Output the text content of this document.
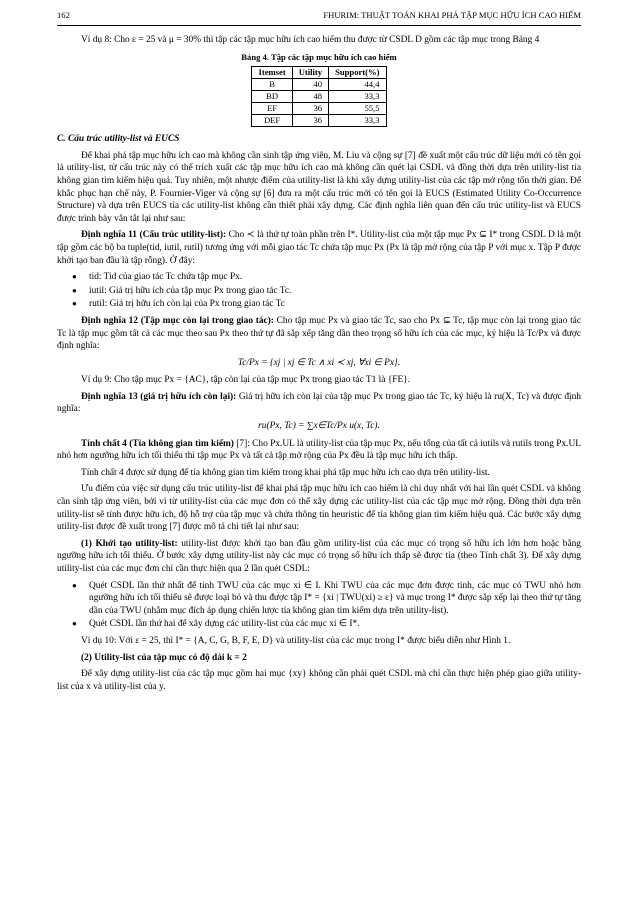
162	FHURIM: THUẬT TOÁN KHAI PHÁ TẬP MỤC HỮU ÍCH CAO HIẾM

Ví dụ 8: Cho ε = 25 và μ = 30% thì tập các tập mục hữu ích cao hiếm thu được từ CSDL D gồm các tập mục trong Bảng 4

Bảng 4. Tập các tập mục hữu ích cao hiếm
Itemset	Utility	Support(%)
B	40	44,4
BD	48	33,3
EF	36	55,5
DEF	36	33,3
C. Cấu trúc utility-list và EUCS

Để khai phá tập mục hữu ích cao mà không cần sinh tập ứng viên, M. Liu và cộng sự [7] đề xuất một cấu trúc dữ liệu mới có tên gọi là utility-list, từ cấu trúc này có thể trích xuất các tập mục hữu ích cao mà không cần quét lại CSDL và đồng thời dựa trên utility-list tỉa không gian tìm kiếm hiệu quả. Tuy nhiên, một nhược điểm của utility-list là khi xây dựng utility-list của các tập mở rộng tốn thời gian. Để khắc phục hạn chế này, P. Fournier-Viger và cộng sự [6] đưa ra một cấu trúc mới có tên gọi là EUCS (Estimated Utility Co-Occurrence Structure) và dựa trên EUCS tỉa các utility-list không cần thiết phải xây dựng. Các định nghĩa liên quan đến cấu trúc utility-list và EUCS được trình bày vắn tắt lại như sau:

Định nghĩa 11 (Cấu trúc utility-list): Cho ≺ là thứ tự toàn phần trên I*. Utility-list của một tập mục Px ⊆ I* trong CSDL D là một tập gồm các bộ ba tuple(tid, iutil, rutil) tương ứng với mỗi giao tác Tc chứa tập mục Px (Px là tập mở rộng của tập P với mục x. Tập P được khởi tạo ban đầu là tập rỗng). Ở đây:

● tid: Tid của giao tác Tc chứa tập mục Px.
● iutil: Giá trị hữu ích của tập mục Px trong giao tác Tc.
● rutil: Giá trị hữu ích còn lại của Px trong giao tác Tc

Định nghĩa 12 (Tập mục còn lại trong giao tác): Cho tập mục Px và giao tác Tc, sao cho Px ⊆ Tc, tập mục còn lại trong giao tác Tc là tập mục gồm tất cả các mục theo sau Px theo thứ tự đã sắp xếp tăng dần theo trọng số hữu ích của các mục, ký hiệu là Tc/Px và được định nghĩa:

Tc/Px = {xj | xj ∈ Tc ∧ xi ≺ xj, ∀xi ∈ Px}.

Ví dụ 9: Cho tập mục Px = {AC}, tập còn lại của tập mục Px trong giao tác T1 là {FE}.

Định nghĩa 13 (giá trị hữu ích còn lại): Giá trị hữu ích còn lại của tập mục Px trong giao tác Tc, ký hiệu là ru(X, Tc) và được định nghĩa:

ru(Px, Tc) = ∑x∈Tc/Px u(x, Tc).

Tính chất 4 (Tỉa không gian tìm kiếm) [7]: Cho Px.UL là utility-list của tập mục Px, nếu tổng của tất cả iutils và rutils trong Px.UL nhỏ hơn ngưỡng hữu ích tối thiểu thì tập mục Px và tất cả tập mở rộng của Px đều là tập mục hữu ích thấp.

Tính chất 4 được sử dụng để tỉa không gian tìm kiếm trong khai phá tập mục hữu ích cao dựa trên utility-list.

Ưu điểm của việc sử dụng cấu trúc utility-list để khai phá tập mục hữu ích cao hiếm là chỉ duy nhất với hai lần quét CSDL và không cần sinh tập ứng viên, bởi vì từ utility-list của các mục đơn có thể xây dựng các utility-list của các tập mục mở rộng. Đồng thời dựa trên utility-list sẽ tính được hữu ích, độ hỗ trợ của tập mục và chứa thông tin heuristic để tỉa không gian tìm kiếm hiệu quả. Các bước xây dựng utility-list được đề xuất trong [7] được mô tả chi tiết lại như sau:

(1) Khởi tạo utility-list: utility-list được khởi tạo ban đầu gồm utility-list của các mục có trọng số hữu ích lớn hơn hoặc bằng ngưỡng hữu ích tối thiểu. Ở bước xây dựng utility-list này các mục có trọng số hữu ích thấp sẽ được tỉa (theo Tính chất 3). Để xây dựng utility-list của các mục đơn chỉ cần thực hiện qua 2 lần quét CSDL:

● Quét CSDL lần thứ nhất để tính TWU của các mục xi ∈ I. Khi TWU của các mục đơn được tính, các mục có TWU nhỏ hơn ngưỡng hữu ích tối thiểu sẽ được loại bỏ và thu được tập I* = {xi | TWU(xi) ≥ ε} và mục trong I* được sắp xếp lại theo thứ tự tăng dần của TWU (nhằm mục đích áp dụng chiến lược tỉa không gian tìm kiếm dựa trên utility-list).
● Quét CSDL lần thứ hai để xây dựng các utility-list của các mục xi ∈ I*.

Ví dụ 10: Với ε = 25, thì I* = {A, C, G, B, F, E, D} và utility-list của các mục trong I* được biểu diễn như Hình 1.

(2) Utility-list của tập mục có độ dài k = 2

Để xây dựng utility-list của các tập mục gồm hai mục {xy} không cần phải quét CSDL mà chỉ cần thực hiện phép giao giữa utility-list của x và utility-list của y.
